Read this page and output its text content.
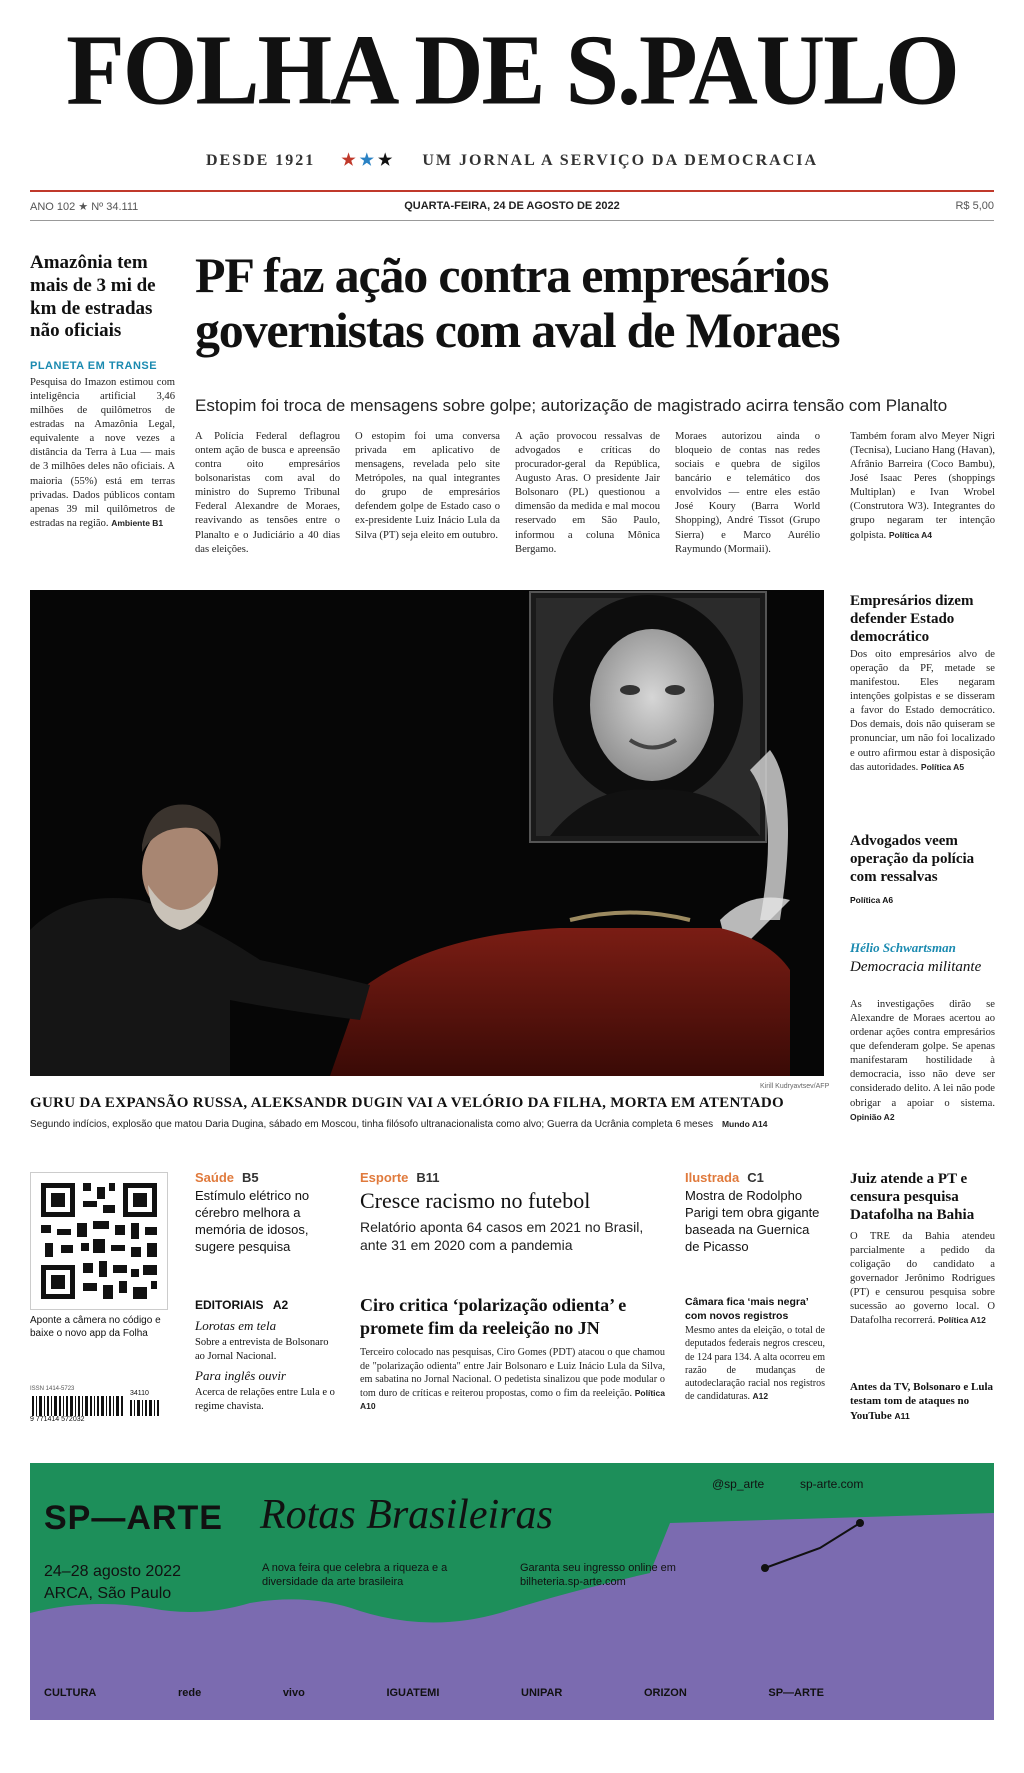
FOLHA DE S.PAULO
DESDE 1921 ★★★ UM JORNAL A SERVIÇO DA DEMOCRACIA
QUARTA-FEIRA, 24 DE AGOSTO DE 2022
ANO 102 ★ Nº 34.111	R$ 5,00
Amazônia tem mais de 3 mi de km de estradas não oficiais
PLANETA EM TRANSE
Pesquisa do Imazon estimou com inteligência artificial 3,46 milhões de quilômetros de estradas na Amazônia Legal, equivalente a nove vezes a distância da Terra à Lua — mais de 3 milhões deles não oficiais. A maioria (55%) está em terras privadas. Dados públicos contam apenas 39 mil quilômetros de estradas na região. Ambiente B1
PF faz ação contra empresários governistas com aval de Moraes
Estopim foi troca de mensagens sobre golpe; autorização de magistrado acirra tensão com Planalto
A Polícia Federal deflagrou ontem ação de busca e apreensão contra oito empresários bolsonaristas com aval do ministro do Supremo Tribunal Federal Alexandre de Moraes, reavivando as tensões entre o Planalto e o Judiciário a 40 dias das eleições.
O estopim foi uma conversa privada em aplicativo de mensagens, revelada pelo site Metrópoles, na qual integrantes do grupo de empresários defendem golpe de Estado caso o ex-presidente Luiz Inácio Lula da Silva (PT) seja eleito em outubro.
A ação provocou ressalvas de advogados e críticas do procurador-geral da República, Augusto Aras. O presidente Jair Bolsonaro (PL) questionou a dimensão da medida e mal mocou reservado em São Paulo, informou a coluna Mônica Bergamo.
Moraes autorizou ainda o bloqueio de contas nas redes sociais e quebra de sigilos bancário e telemático dos envolvidos — entre eles estão José Koury (Barra World Shopping), André Tissot (Grupo Sierra) e Marco Aurélio Raymundo (Mormaii).
Também foram alvo Meyer Nigri (Tecnisa), Luciano Hang (Havan), Afrânio Barreira (Coco Bambu), José Isaac Peres (shoppings Multiplan) e Ivan Wrobel (Construtora W3). Integrantes do grupo negaram ter intenção golpista. Política A4
Kirill Kudryavtsev/AFP
GURU DA EXPANSÃO RUSSA, ALEKSANDR DUGIN VAI A VELÓRIO DA FILHA, MORTA EM ATENTADO
Segundo indícios, explosão que matou Daria Dugina, sábado em Moscou, tinha filósofo ultranacionalista como alvo; Guerra da Ucrânia completa 6 meses Mundo A14
Empresários dizem defender Estado democrático
Dos oito empresários alvo de operação da PF, metade se manifestou. Eles negaram intenções golpistas e se disseram a favor do Estado democrático. Dos demais, dois não quiseram se pronunciar, um não foi localizado e outro afirmou estar à disposição das autoridades. Política A5
Advogados veem operação da polícia com ressalvas
Política A6
Hélio Schwartsman
Democracia militante
As investigações dirão se Alexandre de Moraes acertou ao ordenar ações contra empresários que defenderam golpe. Se apenas manifestaram hostilidade à democracia, isso não deve ser considerado delito. A lei não pode obrigar a apoiar o sistema. Opinião A2
Aponte a câmera no código e baixe o novo app da Folha
ISSN 1414-5723
9 771414 572032
34110
Saúde B5
Estímulo elétrico no cérebro melhora a memória de idosos, sugere pesquisa
EDITORIAIS A2
Lorotas em tela
Sobre a entrevista de Bolsonaro ao Jornal Nacional.
Para inglês ouvir
Acerca de relações entre Lula e o regime chavista.
Esporte B11
Cresce racismo no futebol
Relatório aponta 64 casos em 2021 no Brasil, ante 31 em 2020 com a pandemia
Ciro critica ‘polarização odienta’ e promete fim da reeleição no JN
Terceiro colocado nas pesquisas, Ciro Gomes (PDT) atacou o que chamou de "polarização odienta" entre Jair Bolsonaro e Luiz Inácio Lula da Silva, em sabatina no Jornal Nacional. O pedetista sinalizou que pode modular o tom duro de críticas e reiterou propostas, como o fim da reeleição. Política A10
Ilustrada C1
Mostra de Rodolpho Parigi tem obra gigante baseada na Guernica de Picasso
Câmara fica ‘mais negra’ com novos registros
Mesmo antes da eleição, o total de deputados federais negros cresceu, de 124 para 134. A alta ocorreu em razão de mudanças de autodeclaração racial nos registros de candidaturas. A12
Juiz atende a PT e censura pesquisa Datafolha na Bahia
O TRE da Bahia atendeu parcialmente a pedido da coligação do candidato a governador Jerônimo Rodrigues (PT) e censurou pesquisa sobre sucessão ao governo local. O Datafolha recorrerá. Política A12
Antes da TV, Bolsonaro e Lula testam tom de ataques no YouTube A11
SP—ARTE Rotas Brasileiras
@sp_arte	sp-arte.com
24–28 agosto 2022
ARCA, São Paulo
A nova feira que celebra a riqueza e a diversidade da arte brasileira
Garanta seu ingresso online em bilheteria.sp-arte.com
CULTURA	rede	vivo	IGUATEMI	UNIPAR	ORIZON	SP—ARTE
